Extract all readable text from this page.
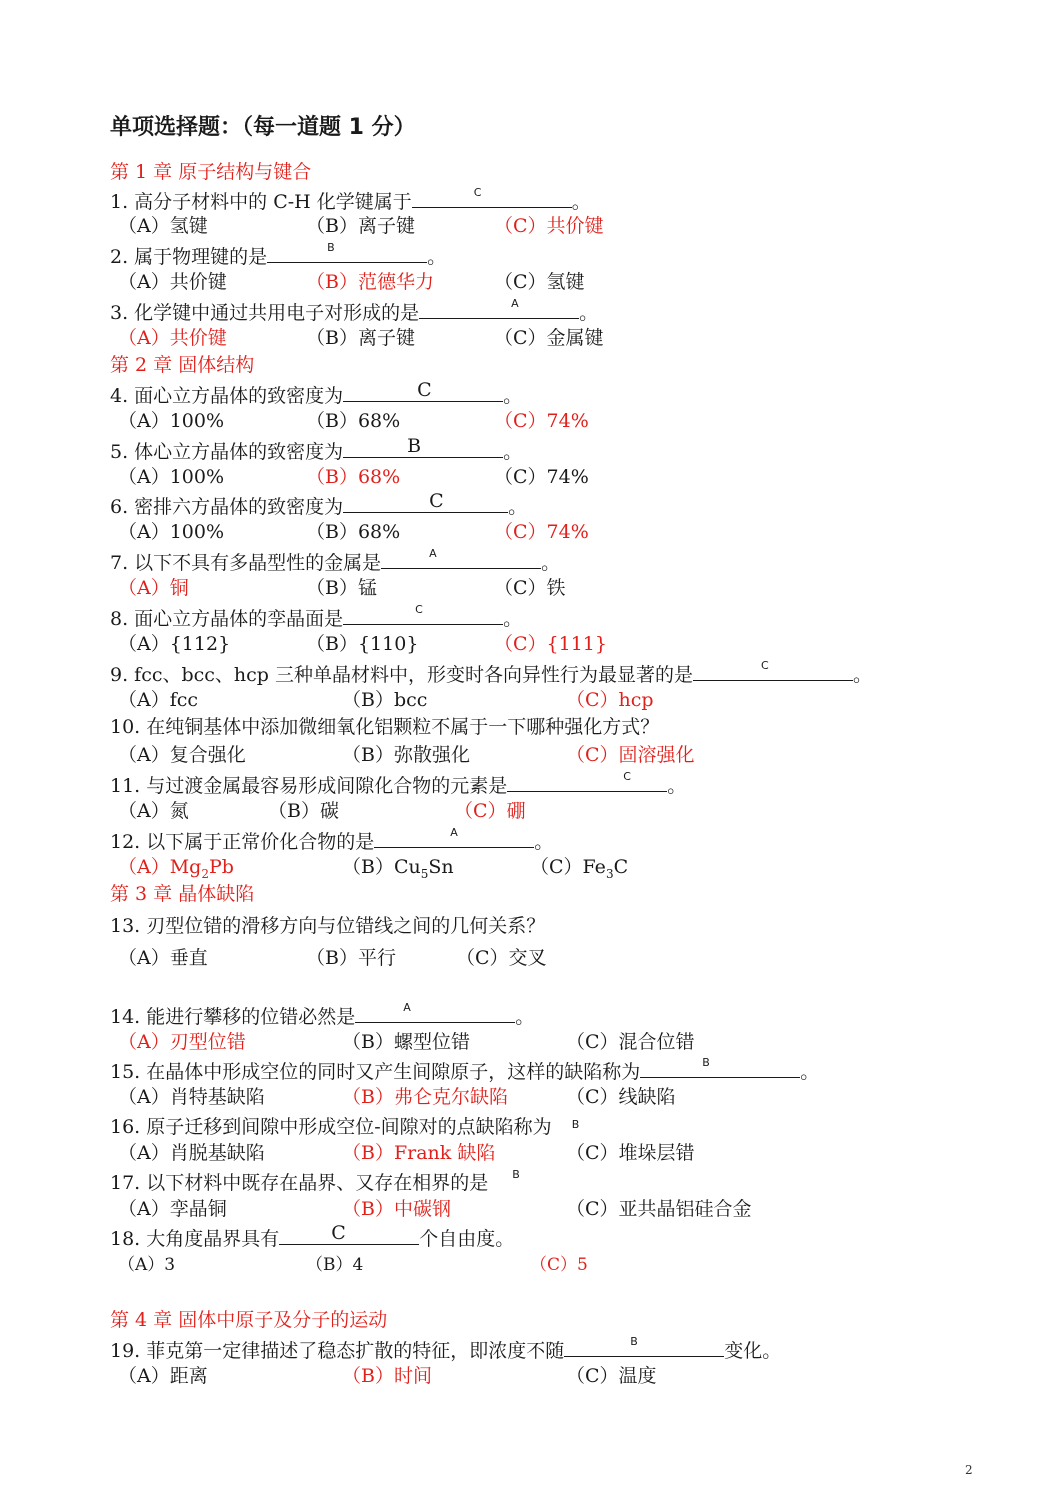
单项选择题：（每一道题 1 分）
第 1 章 原子结构与键合
1. 高分子材料中的 C-H 化学键属于	C	。
（A）氢键	（B）离子键	（C）共价键
2. 属于物理键的是	B	。
（A）共价键	（B）范德华力	（C）氢键
3. 化学键中通过共用电子对形成的是	A	。
（A）共价键	（B）离子键	（C）金属键
第 2 章 固体结构
4. 面心立方晶体的致密度为	C	。
（A）100%	（B）68%	（C）74%
5. 体心立方晶体的致密度为	B	。
（A）100%	（B）68%	（C）74%
6. 密排六方晶体的致密度为	C	。
（A）100%	（B）68%	（C）74%
7. 以下不具有多晶型性的金属是	A	。
（A）铜	（B）锰	（C）铁
8. 面心立方晶体的孪晶面是	C	。
（A）{112}	（B）{110}	（C）{111}
9. fcc、bcc、hcp 三种单晶材料中，形变时各向异性行为最显著的是	C	。
（A）fcc	（B）bcc	（C）hcp
10. 在纯铜基体中添加微细氧化铝颗粒不属于一下哪种强化方式？
（A）复合强化	（B）弥散强化	（C）固溶强化
11. 与过渡金属最容易形成间隙化合物的元素是	C 。
（A）氮	（B）碳	（C）硼
12. 以下属于正常价化合物的是	A	。
$(A)Mg_2Pb$	$(B)Cu_5Sn$	$(C)Fe_3C$
第 3 章 晶体缺陷
13. 刃型位错的滑移方向与位错线之间的几何关系？
（A）垂直	（B）平行	（C）交叉
14. 能进行攀移的位错必然是	A	。
（A）刃型位错	（B）螺型位错	（C）混合位错
15. 在晶体中形成空位的同时又产生间隙原子，这样的缺陷称为	B	。
（A）肖特基缺陷	（B）弗仑克尔缺陷	（C）线缺陷
16. 原子迁移到间隙中形成空位-间隙对的点缺陷称为 B
（A）肖脱基缺陷	（B）Frank 缺陷	（C）堆垛层错
17. 以下材料中既存在晶界、又存在相界的是 B
（A）孪晶铜	（B）中碳钢	（C）亚共晶铝硅合金
18. 大角度晶界具有	C	个自由度。
（A）3	（B）4	（C）5
第 4 章 固体中原子及分子的运动
19. 菲克第一定律描述了稳态扩散的特征，即浓度不随	B	变化。
（A）距离	（B）时间	（C）温度
2
